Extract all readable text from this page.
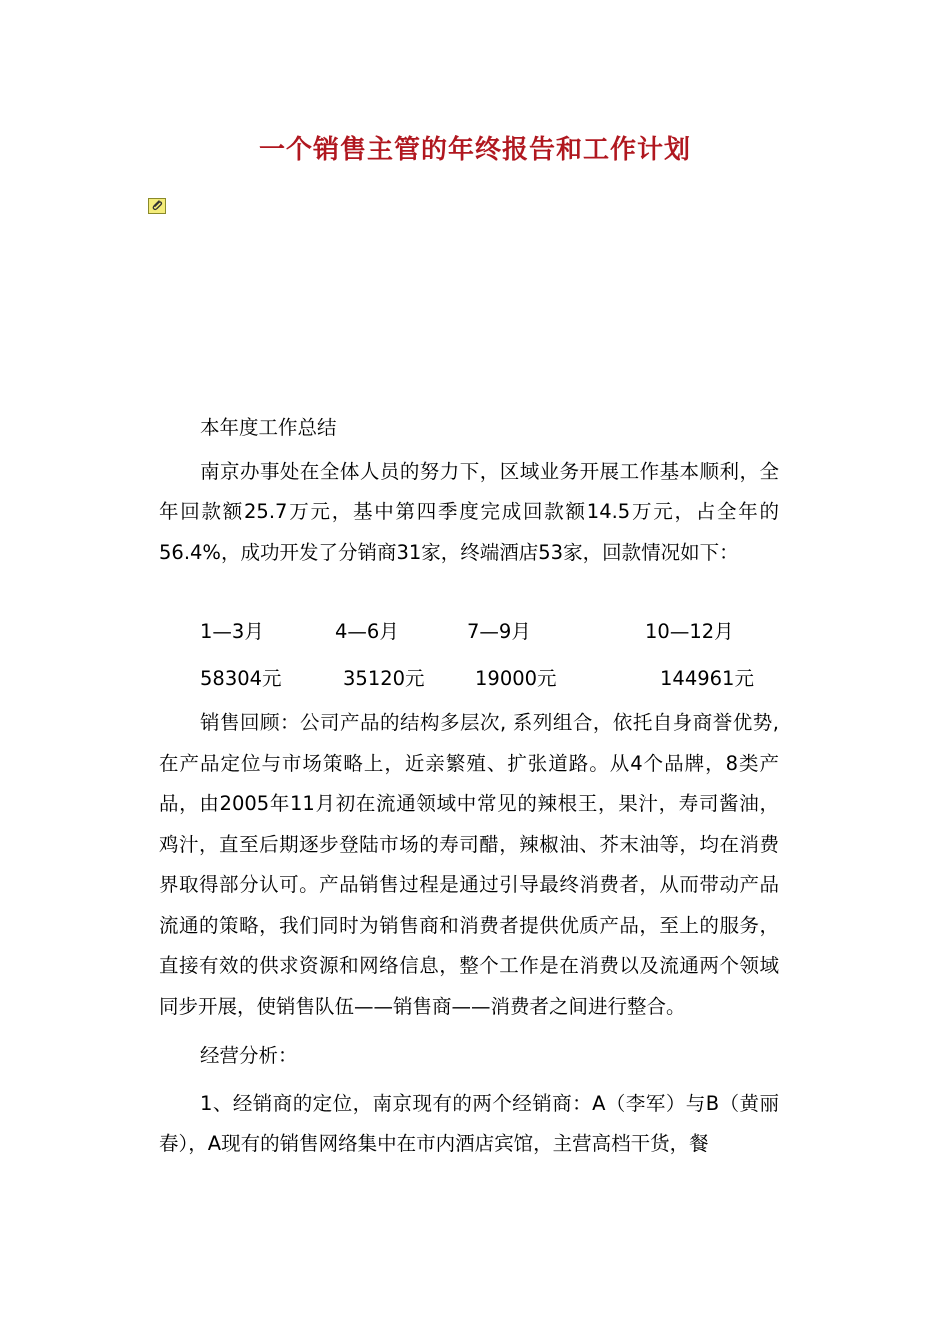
一个销售主管的年终报告和工作计划

本年度工作总结

南京办事处在全体人员的努力下，区域业务开展工作基本顺利，全年回款额25.7万元，基中第四季度完成回款额14.5万元，占全年的56.4%，成功开发了分销商31家，终端酒店53家，回款情况如下：

1—3月	4—6月	7—9月	10—12月
58304元	35120元	19000元	144961元

销售回顾：公司产品的结构多层次, 系列组合，依托自身商誉优势, 在产品定位与市场策略上，近亲繁殖、扩张道路。从4个品牌，8类产品，由2005年11月初在流通领域中常见的辣根王，果汁，寿司酱油，鸡汁，直至后期逐步登陆市场的寿司醋，辣椒油、芥末油等，均在消费界取得部分认可。产品销售过程是通过引导最终消费者，从而带动产品流通的策略，我们同时为销售商和消费者提供优质产品，至上的服务，直接有效的供求资源和网络信息，整个工作是在消费以及流通两个领域同步开展，使销售队伍——销售商——消费者之间进行整合。

经营分析：

1、经销商的定位，南京现有的两个经销商：A（李军）与B（黄丽春），A现有的销售网络集中在市内酒店宾馆，主营高档干货，餐
